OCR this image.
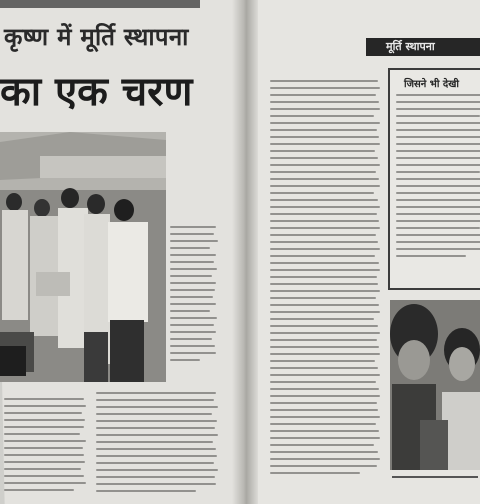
कृष्ण में मूर्ति स्थापना
का एक चरण
मूर्ति स्थापना
जिसने भी देखी
